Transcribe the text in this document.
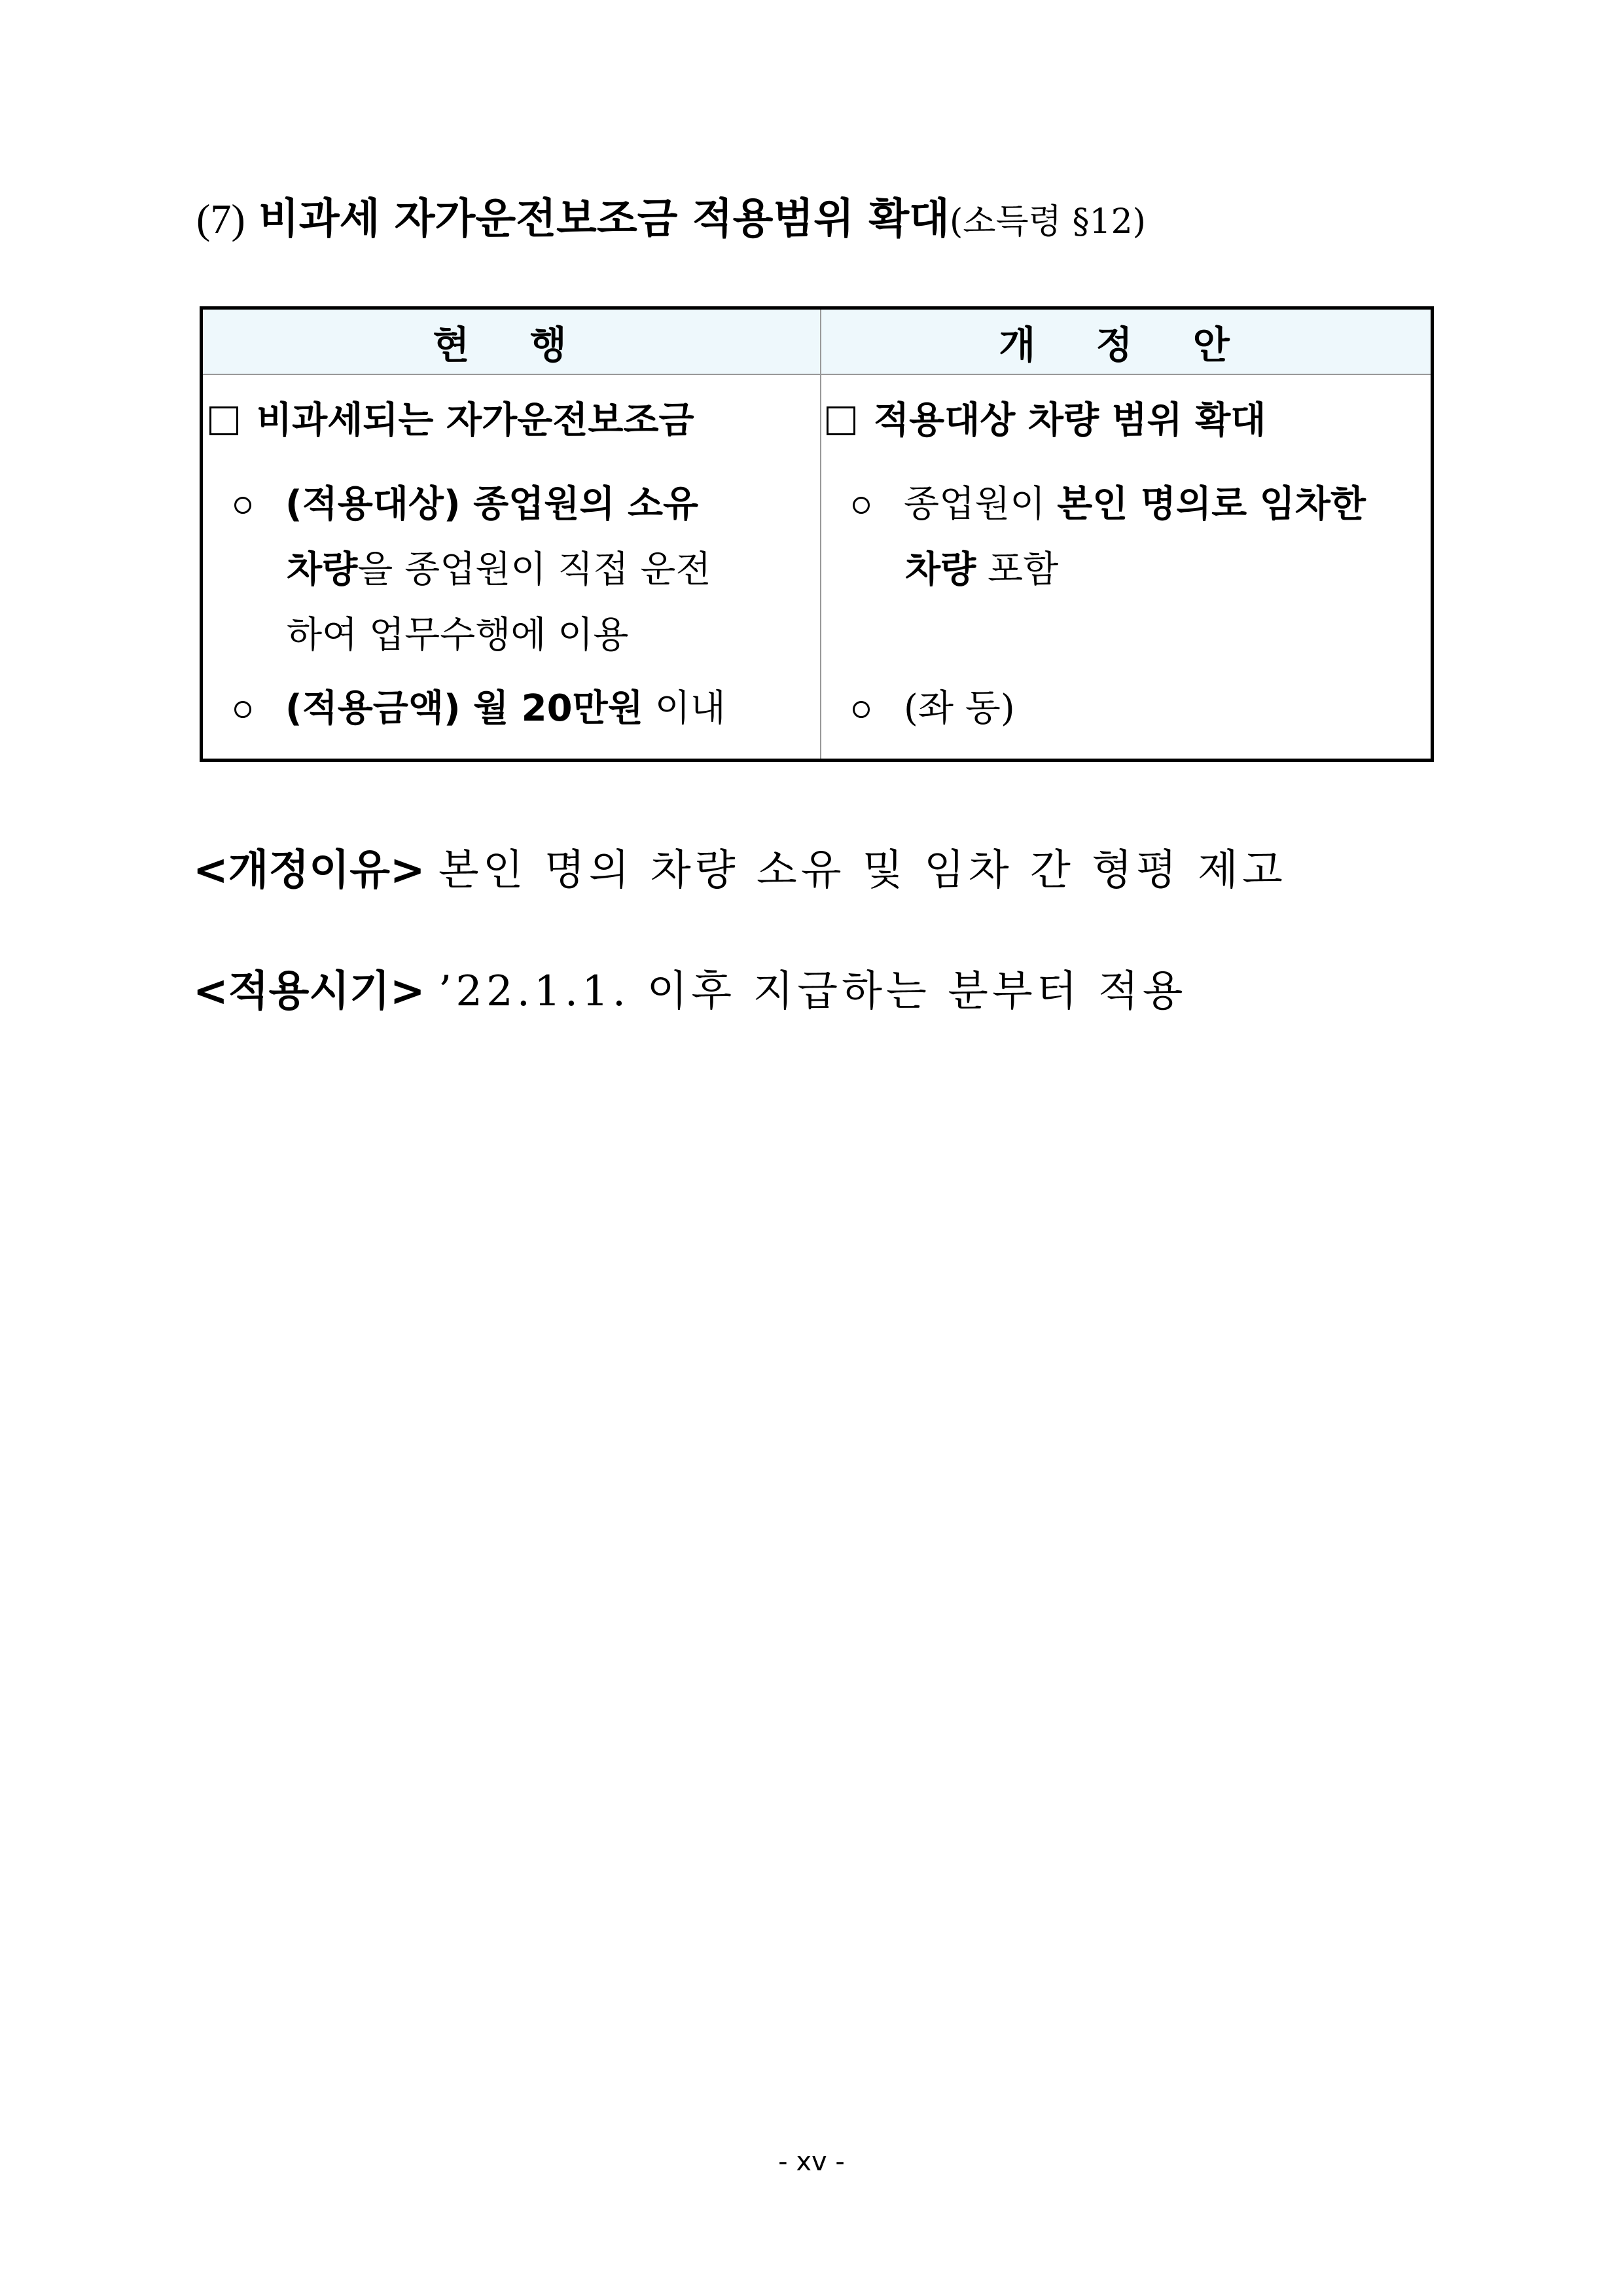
(7) 비과세 자가운전보조금 적용범위 확대(소득령 §12)
현 행	개 정 안
비과세되는 자가운전보조금
(적용대상) 종업원의 소유
차량을 종업원이 직접 운전
하여 업무수행에 이용
(적용금액) 월 20만원 이내
적용대상 차량 범위 확대
종업원이 본인 명의로 임차한
차량 포함
(좌 동)
<개정이유> 본인 명의 차량 소유 및 임차 간 형평 제고
<적용시기> ’22.1.1. 이후 지급하는 분부터 적용
- xv -
